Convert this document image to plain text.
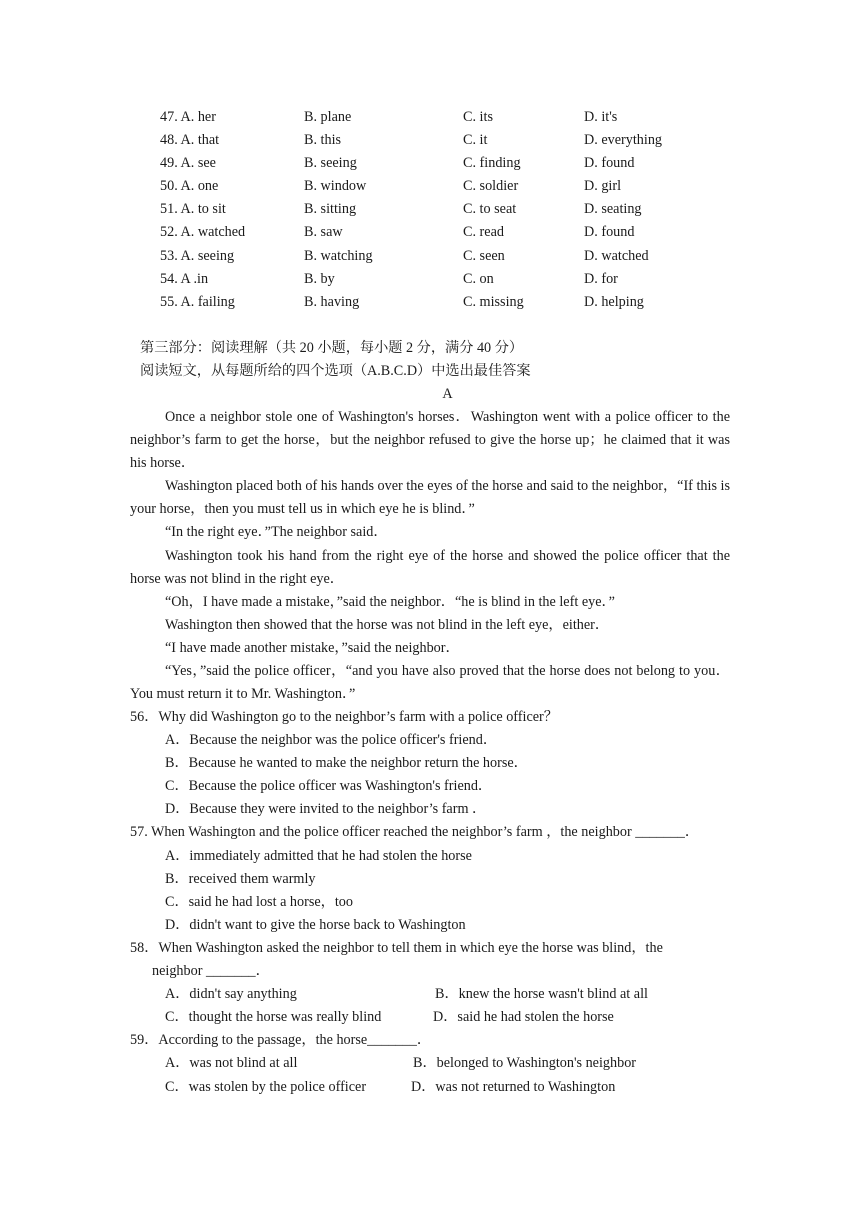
47. A. her	B. plane	C. its	D. it's
48. A. that	B. this	C. it	D. everything
49. A. see	B. seeing	C. finding	D. found
50. A. one	B. window	C. soldier	D. girl
51. A. to sit	B. sitting	C. to seat	D. seating
52. A. watched	B. saw	C. read	D. found
53. A. seeing	B. watching	C. seen	D. watched
54. A .in	B. by	C. on	D. for
55. A. failing	B. having	C. missing	D. helping
第三部分：阅读理解（共 20 小题，每小题 2 分，满分 40 分）
阅读短文，从每题所给的四个选项（A.B.C.D）中选出最佳答案
A
Once a neighbor stole one of Washington's horses．Washington went with a police officer to the neighbor’s farm to get the horse，but the neighbor refused to give the horse up；he claimed that it was his horse．
Washington placed both of his hands over the eyes of the horse and said to the neighbor，“If this is your horse，then you must tell us in which eye he is blind．”
“In the right eye．”The neighbor said．
Washington took his hand from the right eye of the horse and showed the police officer that the horse was not blind in the right eye．
“Oh，I have made a mistake，”said the neighbor．“he is blind in the left eye．”
Washington then showed that the horse was not blind in the left eye，either．
“I have made another mistake，”said the neighbor．
“Yes，”said the police officer，“and you have also proved that the horse does not belong to you．You must return it to Mr. Washington．”
56．Why did Washington go to the neighbor’s farm with a police officer？
A．Because the neighbor was the police officer's friend．
B．Because he wanted to make the neighbor return the horse．
C．Because the police officer was Washington's friend．
D．Because they were invited to the neighbor’s farm ．
57. When Washington and the police officer reached the neighbor’s farm ，the neighbor _______．
A．immediately admitted that he had stolen the horse
B．received them warmly
C．said he had lost a horse，too
D．didn't want to give the horse back to Washington
58．When Washington asked the neighbor to tell them in which eye the horse was blind，the
neighbor _______．
A．didn't say anything	B．knew the horse wasn't blind at all
C．thought the horse was really blind	D．said he had stolen the horse
59．According to the passage，the horse_______．
A．was not blind at all	B．belonged to Washington's neighbor
C．was stolen by the police officer	D．was not returned to Washington
